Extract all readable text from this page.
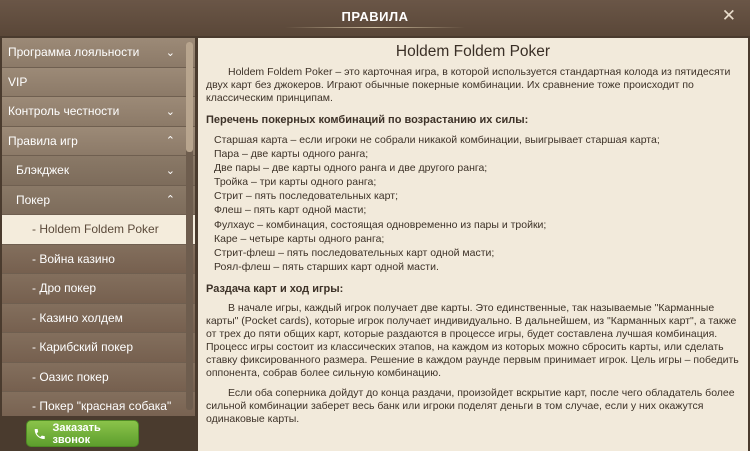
ПРАВИЛА	✕
Программа лояльности ⌄
VIP
Контроль честности	⌄
Правила игр	⌃
Блэкджек	⌄
Покер	⌃
- Holdem Foldem Poker
- Война казино
- Дро покер
- Казино холдем
- Карибский покер
- Оазис покер
- Покер "красная собака"
Holdem Foldem Poker

Holdem Foldem Poker – это карточная игра, в которой используется стандартная колода из пятидесяти двух карт без джокеров. Играют обычные покерные комбинации. Их сравнение тоже происходит по классическим принципам.

Перечень покерных комбинаций по возрастанию их силы:
Старшая карта – если игроки не собрали никакой комбинации, выигрывает старшая карта;
Пара – две карты одного ранга;
Две пары – две карты одного ранга и две другого ранга;
Тройка – три карты одного ранга;
Стрит – пять последовательных карт;
Флеш – пять карт одной масти;
Фулхаус – комбинация, состоящая одновременно из пары и тройки;
Каре – четыре карты одного ранга;
Стрит-флеш – пять последовательных карт одной масти;
Роял-флеш – пять старших карт одной масти.
Раздача карт и ход игры:

В начале игры, каждый игрок получает две карты. Это единственные, так называемые "Карманные карты" (Pocket cards), которые игрок получает индивидуально. В дальнейшем, из "Карманных карт", а также от трех до пяти общих карт, которые раздаются в процессе игры, будет составлена лучшая комбинация. Процесс игры состоит из классических этапов, на каждом из которых можно сбросить карты, или сделать ставку фиксированного размера. Решение в каждом раунде первым принимает игрок. Цель игры – победить оппонента, собрав более сильную комбинацию.

Если оба соперника дойдут до конца раздачи, произойдет вскрытие карт, после чего обладатель более сильной комбинации заберет весь банк или игроки поделят деньги в том случае, если у них окажутся одинаковые карты.

Заказать звонок
